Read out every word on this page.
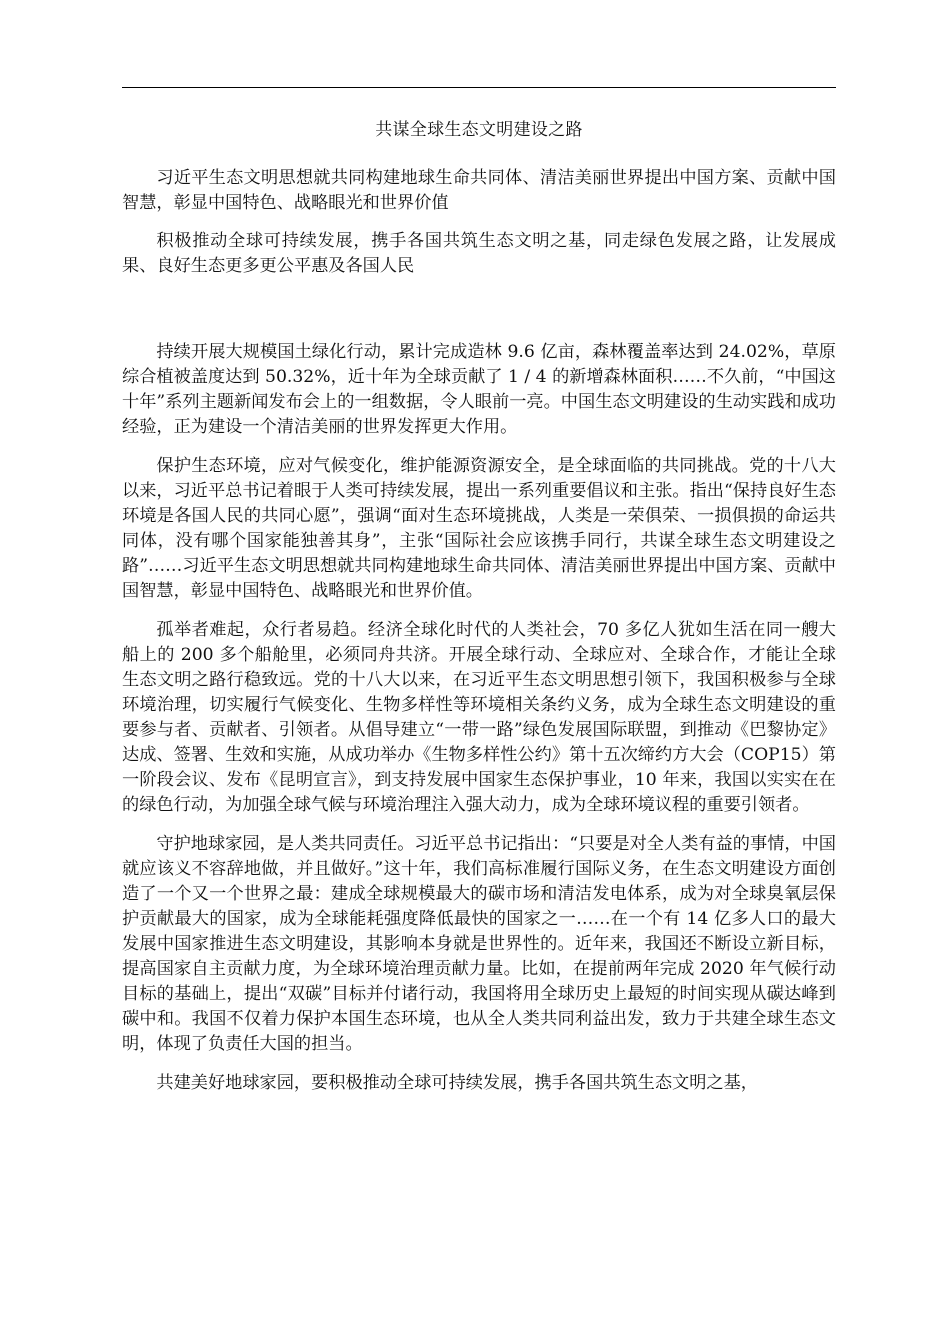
共谋全球生态文明建设之路

习近平生态文明思想就共同构建地球生命共同体、清洁美丽世界提出中国方案、贡献中国智慧，彰显中国特色、战略眼光和世界价值

积极推动全球可持续发展，携手各国共筑生态文明之基，同走绿色发展之路，让发展成果、良好生态更多更公平惠及各国人民

持续开展大规模国土绿化行动，累计完成造林 9.6 亿亩，森林覆盖率达到 24.02%，草原综合植被盖度达到 50.32%，近十年为全球贡献了 1 / 4 的新增森林面积……不久前，“中国这十年”系列主题新闻发布会上的一组数据，令人眼前一亮。中国生态文明建设的生动实践和成功经验，正为建设一个清洁美丽的世界发挥更大作用。

保护生态环境，应对气候变化，维护能源资源安全，是全球面临的共同挑战。党的十八大以来，习近平总书记着眼于人类可持续发展，提出一系列重要倡议和主张。指出“保持良好生态环境是各国人民的共同心愿”，强调“面对生态环境挑战，人类是一荣俱荣、一损俱损的命运共同体，没有哪个国家能独善其身”，主张“国际社会应该携手同行，共谋全球生态文明建设之路”……习近平生态文明思想就共同构建地球生命共同体、清洁美丽世界提出中国方案、贡献中国智慧，彰显中国特色、战略眼光和世界价值。

孤举者难起，众行者易趋。经济全球化时代的人类社会，70 多亿人犹如生活在同一艘大船上的 200 多个船舱里，必须同舟共济。开展全球行动、全球应对、全球合作，才能让全球生态文明之路行稳致远。党的十八大以来，在习近平生态文明思想引领下，我国积极参与全球环境治理，切实履行气候变化、生物多样性等环境相关条约义务，成为全球生态文明建设的重要参与者、贡献者、引领者。从倡导建立“一带一路”绿色发展国际联盟，到推动《巴黎协定》达成、签署、生效和实施，从成功举办《生物多样性公约》第十五次缔约方大会（COP15）第一阶段会议、发布《昆明宣言》，到支持发展中国家生态保护事业，10 年来，我国以实实在在的绿色行动，为加强全球气候与环境治理注入强大动力，成为全球环境议程的重要引领者。

守护地球家园，是人类共同责任。习近平总书记指出：“只要是对全人类有益的事情，中国就应该义不容辞地做，并且做好。”这十年，我们高标准履行国际义务，在生态文明建设方面创造了一个又一个世界之最：建成全球规模最大的碳市场和清洁发电体系，成为对全球臭氧层保护贡献最大的国家，成为全球能耗强度降低最快的国家之一……在一个有 14 亿多人口的最大发展中国家推进生态文明建设，其影响本身就是世界性的。近年来，我国还不断设立新目标，提高国家自主贡献力度，为全球环境治理贡献力量。比如，在提前两年完成 2020 年气候行动目标的基础上，提出“双碳”目标并付诸行动，我国将用全球历史上最短的时间实现从碳达峰到碳中和。我国不仅着力保护本国生态环境，也从全人类共同利益出发，致力于共建全球生态文明，体现了负责任大国的担当。

共建美好地球家园，要积极推动全球可持续发展，携手各国共筑生态文明之基，
